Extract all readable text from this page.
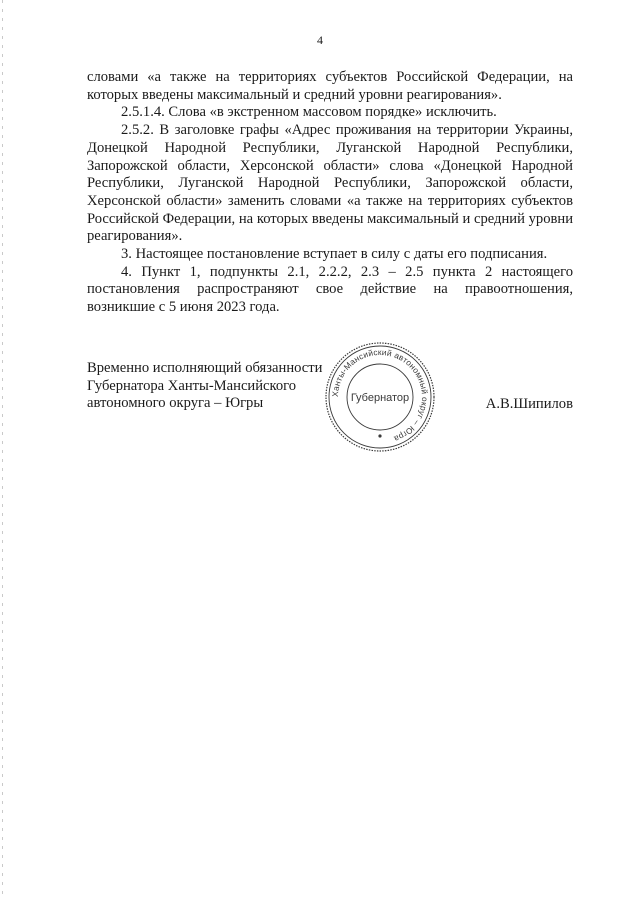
4

словами «а также на территориях субъектов Российской Федерации, на которых введены максимальный и средний уровни реагирования».

2.5.1.4. Слова «в экстренном массовом порядке» исключить.

2.5.2. В заголовке графы «Адрес проживания на территории Украины, Донецкой Народной Республики, Луганской Народной Республики, Запорожской области, Херсонской области» слова «Донецкой Народной Республики, Луганской Народной Республики, Запорожской области, Херсонской области» заменить словами «а также на территориях субъектов Российской Федерации, на которых введены максимальный и средний уровни реагирования».

3. Настоящее постановление вступает в силу с даты его подписания.

4. Пункт 1, подпункты 2.1, 2.2.2, 2.3 – 2.5 пункта 2 настоящего постановления распространяют свое действие на правоотношения, возникшие с 5 июня 2023 года.

Временно исполняющий обязанности
Губернатора Ханты-Мансийского
автономного округа – Югры
Ханты-Мансийский автономный округ – Югра
Губернатор	А.В.Шипилов
